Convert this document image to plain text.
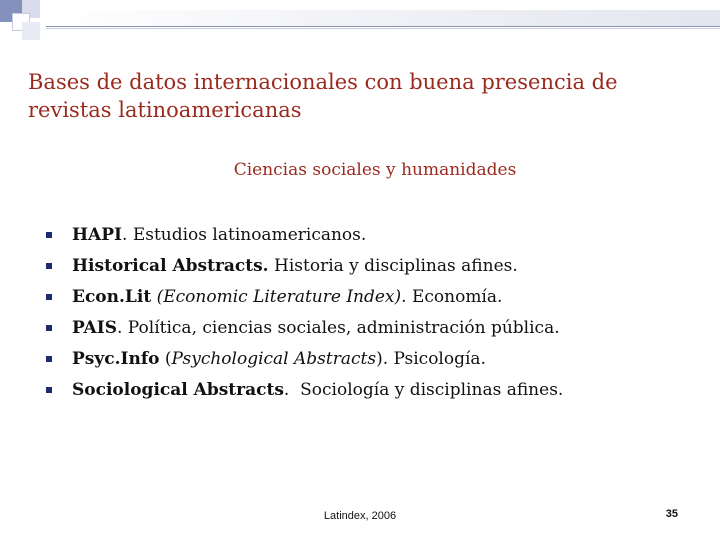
Bases de datos internacionales con buena presencia de revistas latinoamericanas
Ciencias sociales y humanidades
HAPI. Estudios latinoamericanos.
Historical Abstracts. Historia y disciplinas afines.
Econ.Lit (Economic Literature Index). Economía.
PAIS. Política, ciencias sociales, administración pública.
Psyc.Info (Psychological Abstracts). Psicología.
Sociological Abstracts.  Sociología y disciplinas afines.
Latindex, 2006	35
